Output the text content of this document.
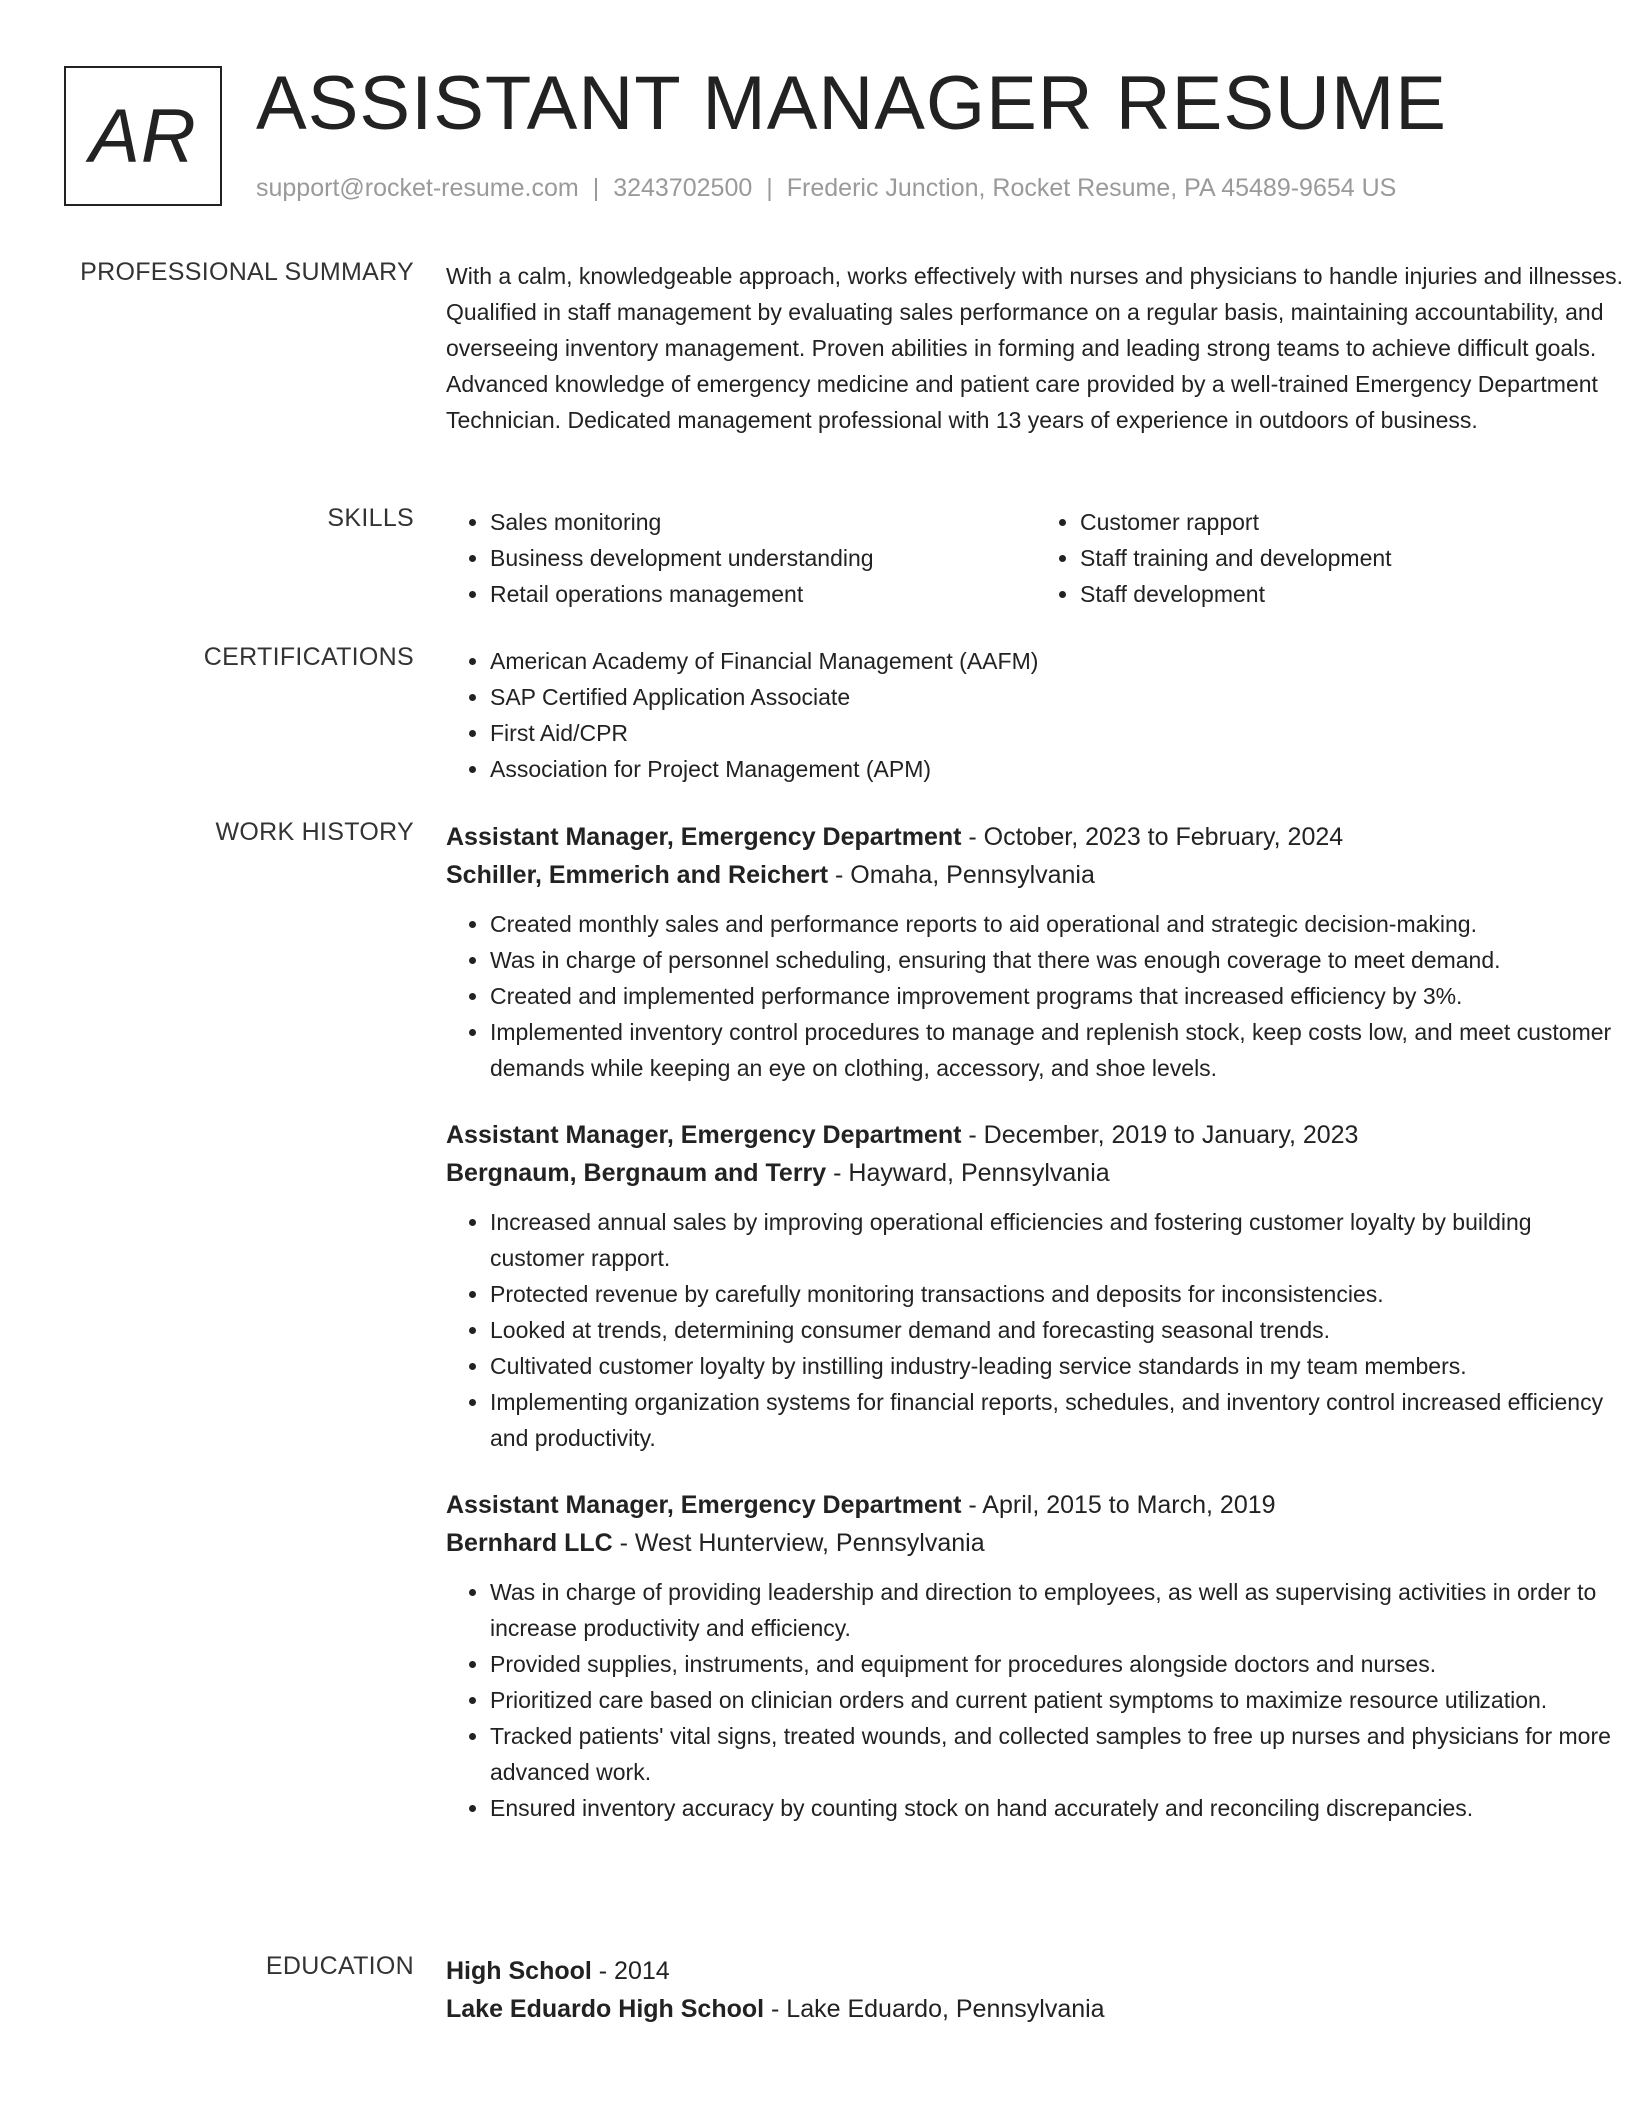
AR ASSISTANT MANAGER RESUME
support@rocket-resume.com | 3243702500 | Frederic Junction, Rocket Resume, PA 45489-9654 US
PROFESSIONAL SUMMARY With a calm, knowledgeable approach, works effectively with nurses and physicians to handle injuries and illnesses. Qualified in staff management by evaluating sales performance on a regular basis, maintaining accountability, and overseeing inventory management. Proven abilities in forming and leading strong teams to achieve difficult goals. Advanced knowledge of emergency medicine and patient care provided by a well-trained Emergency Department Technician. Dedicated management professional with 13 years of experience in outdoors of business.
SKILLS	• Sales monitoring
• Business development understanding
• Retail operations management
• Customer rapport
• Staff training and development
• Staff development
CERTIFICATIONS	• American Academy of Financial Management (AAFM)
• SAP Certified Application Associate
• First Aid/CPR
• Association for Project Management (APM)
WORK HISTORY Assistant Manager, Emergency Department - October, 2023 to February, 2024
Schiller, Emmerich and Reichert - Omaha, Pennsylvania
• Created monthly sales and performance reports to aid operational and strategic decision-making.
• Was in charge of personnel scheduling, ensuring that there was enough coverage to meet demand.
• Created and implemented performance improvement programs that increased efficiency by 3%.
• Implemented inventory control procedures to manage and replenish stock, keep costs low, and meet customer demands while keeping an eye on clothing, accessory, and shoe levels.
Assistant Manager, Emergency Department - December, 2019 to January, 2023
Bergnaum, Bergnaum and Terry - Hayward, Pennsylvania
• Increased annual sales by improving operational efficiencies and fostering customer loyalty by building customer rapport.
• Protected revenue by carefully monitoring transactions and deposits for inconsistencies.
• Looked at trends, determining consumer demand and forecasting seasonal trends.
• Cultivated customer loyalty by instilling industry-leading service standards in my team members.
• Implementing organization systems for financial reports, schedules, and inventory control increased efficiency and productivity.
Assistant Manager, Emergency Department - April, 2015 to March, 2019
Bernhard LLC - West Hunterview, Pennsylvania
• Was in charge of providing leadership and direction to employees, as well as supervising activities in order to increase productivity and efficiency.
• Provided supplies, instruments, and equipment for procedures alongside doctors and nurses.
• Prioritized care based on clinician orders and current patient symptoms to maximize resource utilization.
• Tracked patients' vital signs, treated wounds, and collected samples to free up nurses and physicians for more advanced work.
• Ensured inventory accuracy by counting stock on hand accurately and reconciling discrepancies.
EDUCATION High School - 2014
Lake Eduardo High School - Lake Eduardo, Pennsylvania
